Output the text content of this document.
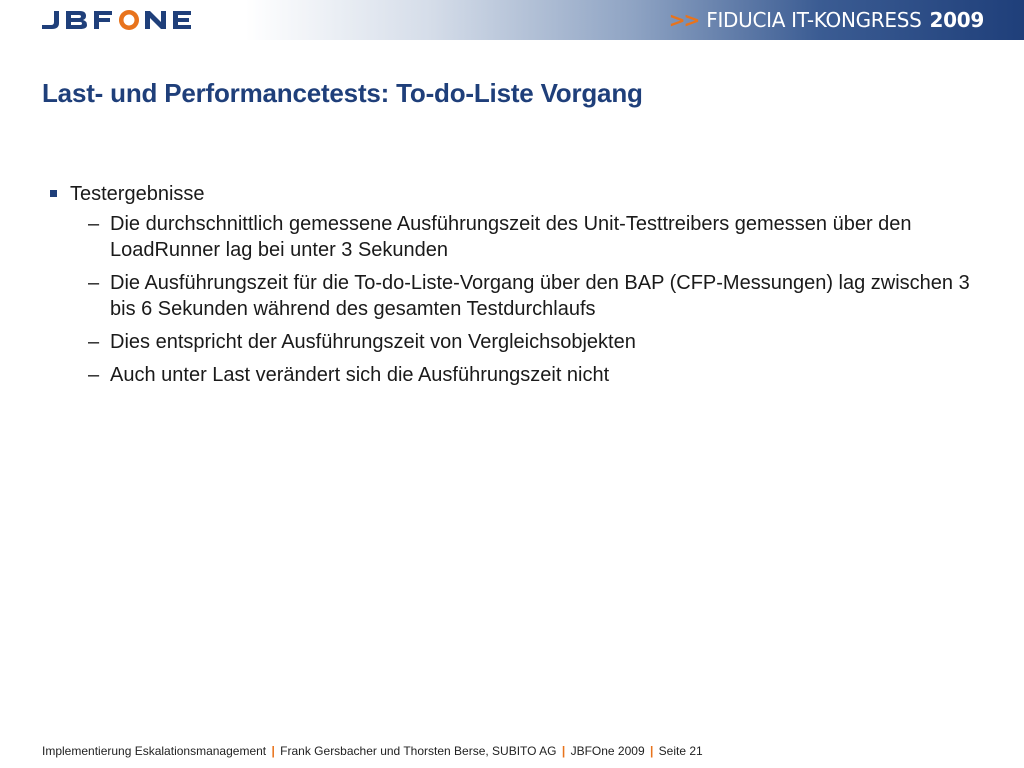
>> FIDUCIA IT-KONGRESS 2009
Last- und Performancetests: To-do-Liste Vorgang
Testergebnisse
– Die durchschnittlich gemessene Ausführungszeit des Unit-Testtreibers gemessen über den LoadRunner lag bei unter 3 Sekunden
– Die Ausführungszeit für die To-do-Liste-Vorgang über den BAP (CFP-Messungen) lag zwischen 3 bis 6 Sekunden während des gesamten Testdurchlaufs
– Dies entspricht der Ausführungszeit von Vergleichsobjekten
– Auch unter Last verändert sich die Ausführungszeit nicht
Implementierung Eskalationsmanagement | Frank Gersbacher und Thorsten Berse, SUBITO AG | JBFOne 2009 | Seite 21
